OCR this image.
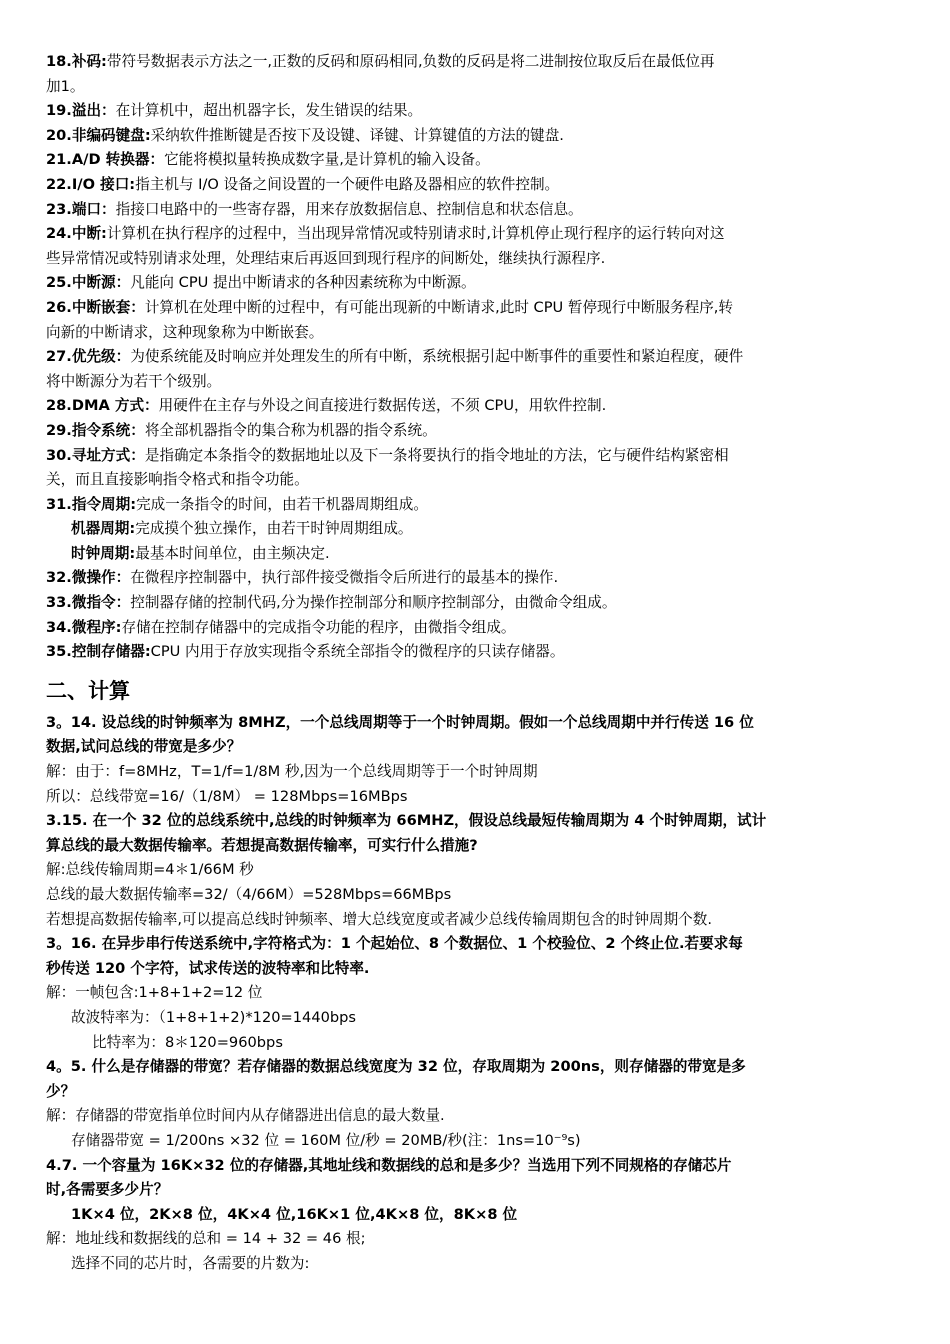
18.补码:带符号数据表示方法之一,正数的反码和原码相同,负数的反码是将二进制按位取反后在最低位再
加1。
19.溢出：在计算机中，超出机器字长，发生错误的结果。
20.非编码键盘:采纳软件推断键是否按下及设键、译键、计算键值的方法的键盘.
21.A/D 转换器：它能将模拟量转换成数字量,是计算机的输入设备。
22.I/O 接口:指主机与 I/O 设备之间设置的一个硬件电路及器相应的软件控制。
23.端口：指接口电路中的一些寄存器，用来存放数据信息、控制信息和状态信息。
24.中断:计算机在执行程序的过程中，当出现异常情况或特别请求时,计算机停止现行程序的运行转向对这
些异常情况或特别请求处理，处理结束后再返回到现行程序的间断处，继续执行源程序.
25.中断源：凡能向 CPU 提出中断请求的各种因素统称为中断源。
26.中断嵌套：计算机在处理中断的过程中，有可能出现新的中断请求,此时 CPU 暂停现行中断服务程序,转
向新的中断请求，这种现象称为中断嵌套。
27.优先级：为使系统能及时响应并处理发生的所有中断，系统根据引起中断事件的重要性和紧迫程度，硬件
将中断源分为若干个级别。
28.DMA 方式：用硬件在主存与外设之间直接进行数据传送，不须 CPU，用软件控制.
29.指令系统：将全部机器指令的集合称为机器的指令系统。
30.寻址方式：是指确定本条指令的数据地址以及下一条将要执行的指令地址的方法，它与硬件结构紧密相
关，而且直接影响指令格式和指令功能。
31.指令周期:完成一条指令的时间，由若干机器周期组成。
机器周期:完成摸个独立操作，由若干时钟周期组成。
时钟周期:最基本时间单位，由主频决定.
32.微操作：在微程序控制器中，执行部件接受微指令后所进行的最基本的操作.
33.微指令：控制器存储的控制代码,分为操作控制部分和顺序控制部分，由微命令组成。
34.微程序:存储在控制存储器中的完成指令功能的程序，由微指令组成。
35.控制存储器:CPU 内用于存放实现指令系统全部指令的微程序的只读存储器。
二、计算
3。14. 设总线的时钟频率为 8MHZ，一个总线周期等于一个时钟周期。假如一个总线周期中并行传送 16 位
数据,试问总线的带宽是多少？
解：由于：f=8MHz，T=1/f=1/8M 秒,因为一个总线周期等于一个时钟周期
所以：总线带宽=16/（1/8M） = 128Mbps=16MBps
3.15. 在一个 32 位的总线系统中,总线的时钟频率为 66MHZ，假设总线最短传输周期为 4 个时钟周期，试计
算总线的最大数据传输率。若想提高数据传输率，可实行什么措施?
解:总线传输周期=4＊1/66M 秒
总线的最大数据传输率=32/（4/66M）=528Mbps=66MBps
若想提高数据传输率,可以提高总线时钟频率、增大总线宽度或者减少总线传输周期包含的时钟周期个数.
3。16. 在异步串行传送系统中,字符格式为：1 个起始位、8 个数据位、1 个校验位、2 个终止位.若要求每
秒传送 120 个字符，试求传送的波特率和比特率.
解：一帧包含:1+8+1+2=12 位
故波特率为：（1+8+1+2)*120=1440bps
比特率为：8＊120=960bps
4。5. 什么是存储器的带宽？若存储器的数据总线宽度为 32 位，存取周期为 200ns，则存储器的带宽是多
少？
解：存储器的带宽指单位时间内从存储器进出信息的最大数量.
存储器带宽 = 1/200ns ×32 位 = 160M 位/秒 = 20MB/秒(注：1ns=10⁻⁹s)
4.7. 一个容量为 16K×32 位的存储器,其地址线和数据线的总和是多少？当选用下列不同规格的存储芯片
时,各需要多少片？
1K×4 位，2K×8 位，4K×4 位,16K×1 位,4K×8 位，8K×8 位
解：地址线和数据线的总和 = 14 + 32 = 46 根;
选择不同的芯片时，各需要的片数为:
